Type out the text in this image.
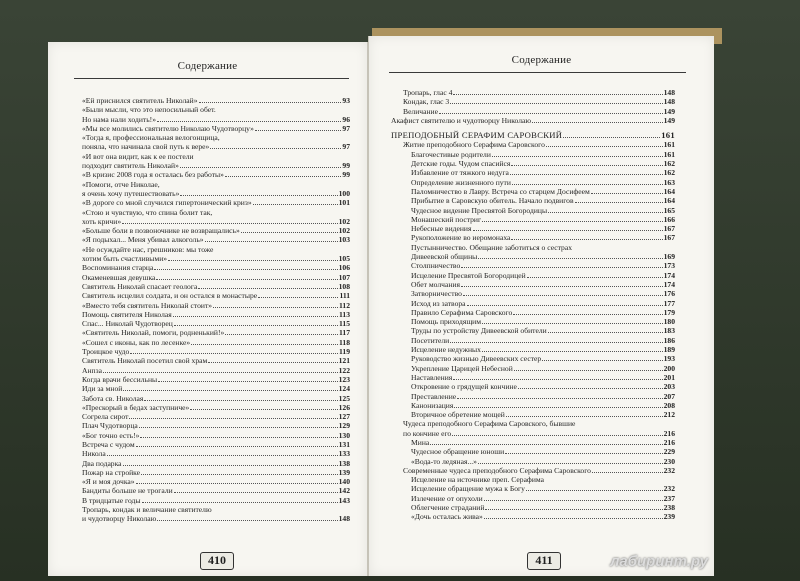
Содержание
«Ей приснился святитель Николай»	93
«Были мысли, что это непосильный обет.
Но нама нали ходить!»	96
«Мы все молились святителю Николаю Чудотворцу»	97
«Тогда я, профессиональная велогонщица,
поняла, что начинала свой путь к вере»	97
«И вот она видит, как к ее постели
подходит святитель Николай»	99
«В кризис 2008 года я осталась без работы»	99
«Помоги, отче Николае,
я очень хочу путешествовать»	100
«В дороге со мной случился гипертонический криз»	101
«Стою и чувствую, что спина болит так,
хоть кричи»	102
«Больше боли в позвоночнике не возвращались»	102
«Я подыхал... Меня убивал алкоголь»	103
«Не осуждайте нас, грешников: мы тоже
хотим быть счастливыми»	105
Воспоминания старца	106
Окаменевшая девушка	107
Святитель Николай спасает геолога	108
Святитель исцелил солдата, и он остался в монастыре	111
«Вместо тебя святитель Николай стоит»	112
Помощь святителя Николая	113
Спас... Николай Чудотворец	115
«Святитель Николай, помоги, родненький!»	117
«Сошел с иконы, как по лесенке»	118
Троицкое чудо	119
Святитель Николай посетил свой храм	121
Анпза	122
Когда врачи бессильны	123
Иди за мной	124
Забота св. Николая	125
«Прескорый в бедах заступниче»	126
Согрела сирот	127
Плач Чудотворца	129
«Бог точно есть!»	130
Встреча с чудом	131
Никола	133
Два подарка	138
Пожар на стройке	139
«Я и моя дочка»	140
Бандиты больше не трогали	142
В тридцатые годы	143
Тропарь, кондак и величание святителю
и чудотворцу Николаю	148
410
Содержание
Тропарь, глас 4	148
Кондак, глас 3	148
Величание	149
Акафист святителю и чудотворцу Николаю	149
ПРЕПОДОБНЫЙ СЕРАФИМ САРОВСКИЙ	161
Житие преподобного Серафима Саровского	161
Благочестивые родители	161
Детские годы. Чудом спасийся	162
Избавление от тяжкого недуга	162
Определение жизненного пути	163
Паломничество в Лавру. Встреча со старцем Досифеем	164
Прибытие в Саровскую обитель. Начало подвигов	164
Чудесное видение Пресвятой Богородицы	165
Монашеский постриг	166
Небесные видения	167
Рукоположение во иеромонаха	167
Пустынничество. Обещание заботиться о сестрах
Дивеевской общины	169
Столпничество	173
Исцеление Пресвятой Богородицей	174
Обет молчания	174
Затворничество	176
Исход из затвора	177
Правило Серафима Саровского	179
Помощь приходящим	180
Труды по устройству Дивеевской обители	183
Посетители	186
Исцеление недужных	189
Руководство жизнью Дивеевских сестер	193
Укрепление Царицей Небесной	200
Наставления	201
Откровение о грядущей кончине	203
Преставление	207
Канонизация	208
Вторичное обретение мощей	212
Чудеса преподобного Серафима Саровского, бывшие
по кончине его	216
Мина	216
Чудесное обращение юноши	229
«Вода-то ледяная...»	230
Современные чудеса преподобного Серафима Саровского	232
Исцеление на источнике преп. Серафима
Исцеление обращение мужа к Богу	232
Излечение от опухоли	237
Облегчение страданий	238
«Дочь осталась жива»	239
411	лабиринт.ру
